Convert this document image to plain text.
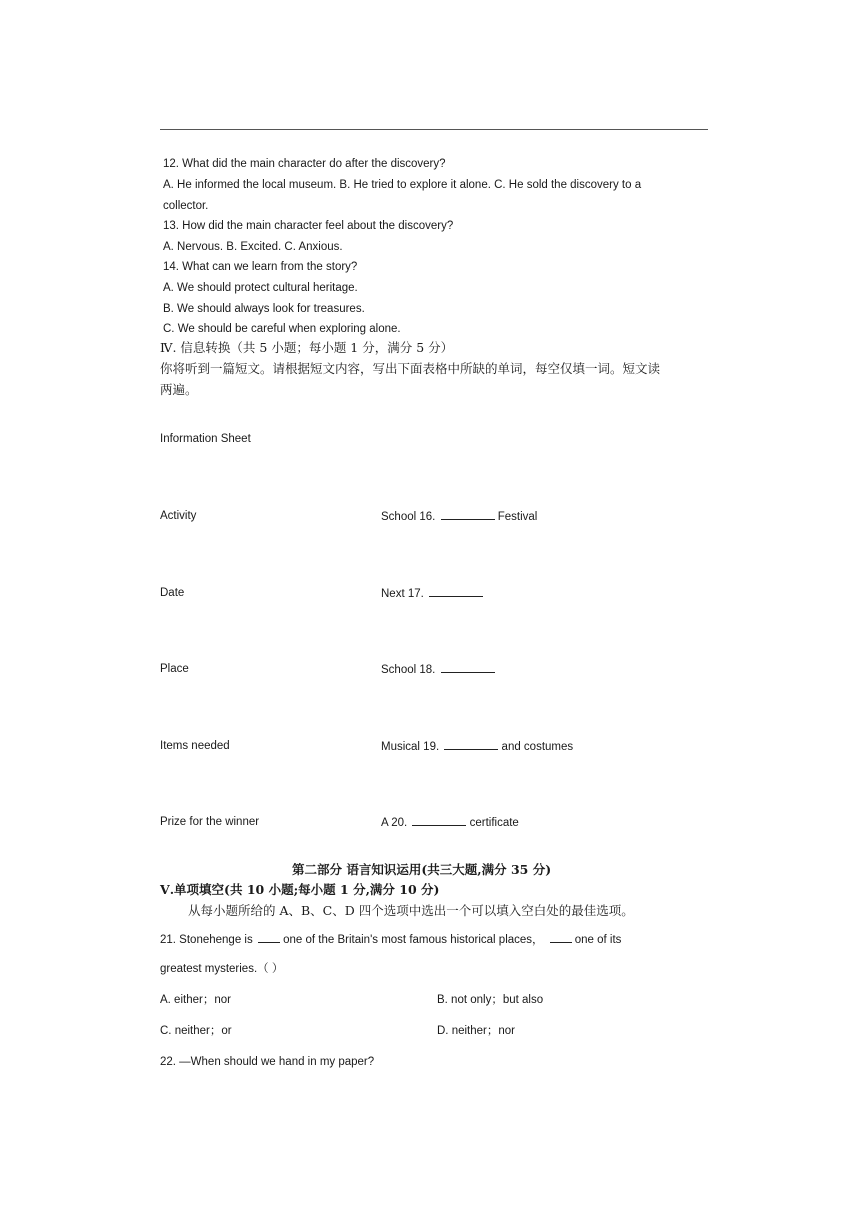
12. What did the main character do after the discovery?
A. He informed the local museum. B. He tried to explore it alone. C. He sold the discovery to a
collector.
13. How did the main character feel about the discovery?
A. Nervous. B. Excited. C. Anxious.
14. What can we learn from the story?
A. We should protect cultural heritage.
B. We should always look for treasures.
C. We should be careful when exploring alone.
Ⅳ. 信息转换（共 5 小题；每小题 1 分，满分 5 分）
你将听到一篇短文。请根据短文内容，写出下面表格中所缺的单词，每空仅填一词。短文读
两遍。
Information Sheet
Activity	School 16.	Festival
Date	Next 17.
Place	School 18.
Items needed	Musical 19.	and costumes
Prize for the winner	A 20.	certificate
第二部分 语言知识运用(共三大题,满分 35 分)
Ⅴ.单项填空(共 10 小题;每小题 1 分,满分 10 分)
从每小题所给的 A、B、C、D 四个选项中选出一个可以填入空白处的最佳选项。
21. Stonehenge is  one of the Britain's most famous historical places， one of its
greatest mysteries.（ ）
A. either；nor	B. not only；but also
C. neither；or	D. neither；nor
22. —When should we hand in my paper?
